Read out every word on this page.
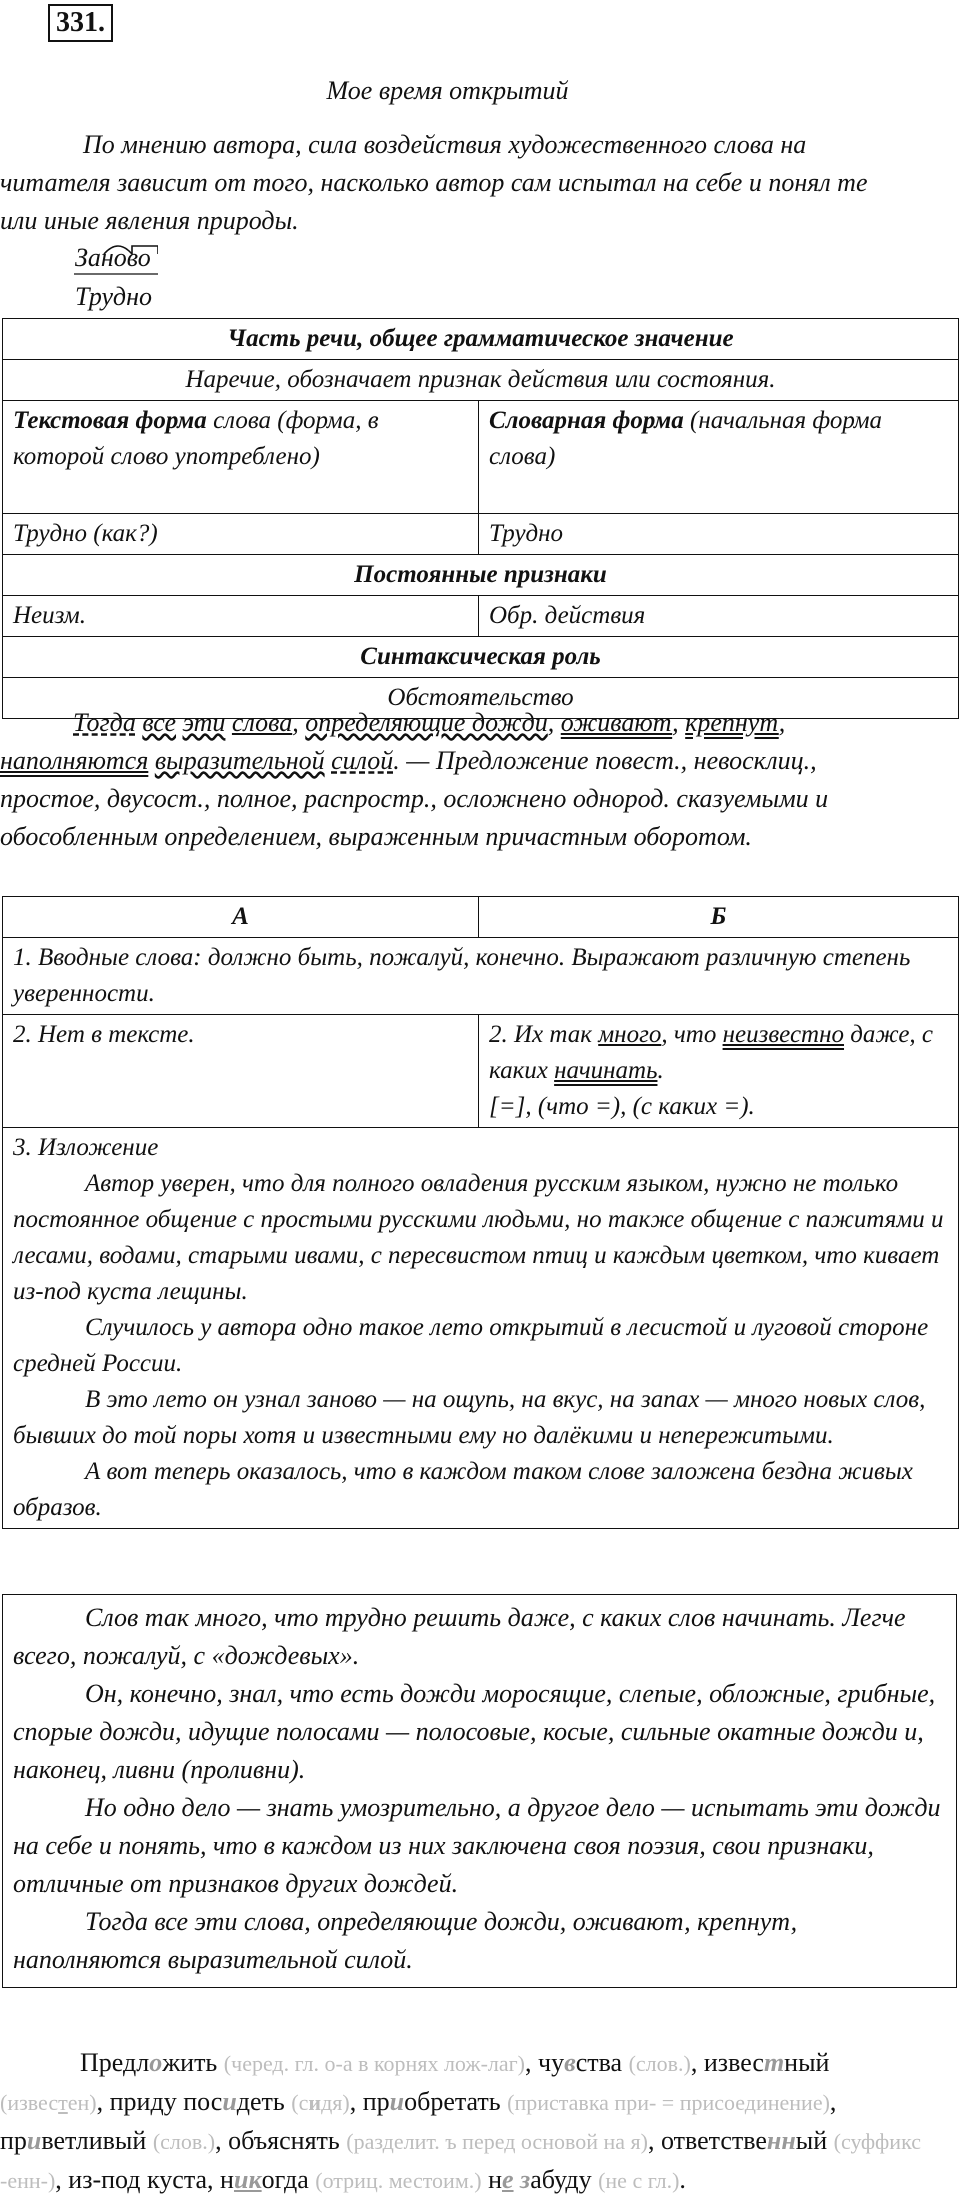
331.
Мое время открытий

По мнению автора, сила воздействия художественного слова на читателя зависит от того, насколько автор сам испытал на себе и понял те или иные явления природы.

Заново
Трудно
Часть речи, общее грамматическое значение	
Наречие, обозначает признак действия или состояния.	
Текстовая форма слова (форма, в которой слово употреблено)	Словарная форма (начальная форма слова)
Трудно (как?)	Трудно
Постоянные признаки	
Неизм.	Обр. действия
Синтаксическая роль	
Обстоятельство	

Тогда все эти слова, определяющие дожди, оживают, крепнут, наполняются выразительной силой. — Предложение повест., невосклиц., простое, двусост., полное, распростр., осложнено однород. сказуемыми и обособленным определением, выраженным причастным оборотом.

А	Б
1. Вводные слова: должно быть, пожалуй, конечно. Выражают различную степень уверенности.	
2. Нет в тексте.	2. Их так много, что неизвестно даже, с каких начинать.
[=], (что =), (с каких =).

3. Изложение

Автор уверен, что для полного овладения русским языком, нужно не только постоянное общение с простыми русскими людьми, но также общение с пажитями и лесами, водами, старыми ивами, с пересвистом птиц и каждым цветком, что кивает из-под куста лещины.

Случилось у автора одно такое лето открытий в лесистой и луговой стороне средней России.

В это лето он узнал заново — на ощупь, на вкус, на запах — много новых слов, бывших до той поры хотя и известными ему но далёкими и непережитыми.

А вот теперь оказалось, что в каждом таком слове заложена бездна живых образов.	

Слов так много, что трудно решить даже, с каких слов начинать. Легче всего, пожалуй, с «дождевых».

Он, конечно, знал, что есть дожди моросящие, слепые, обложные, грибные, спорые дожди, идущие полосами — полосовые, косые, сильные окатные дожди и, наконец, ливни (проливни).

Но одно дело — знать умозрительно, а другое дело — испытать эти дожди на себе и понять, что в каждом из них заключена своя поэзия, свои признаки, отличные от признаков других дождей.

Тогда все эти слова, определяющие дожди, оживают, крепнут, наполняются выразительной силой.

Предложить (черед. гл. о-а в корнях лож-лаг), чувства (слов.), известный (известен), приду посидеть (сидя), приобретать (приставка при- = присоединение), приветливый (слов.), объяснять (разделит. ъ перед основой на я), ответственный (суффикс -енн-), из-под куста, никогда (отриц. местоим.) не забуду (не с гл.).
